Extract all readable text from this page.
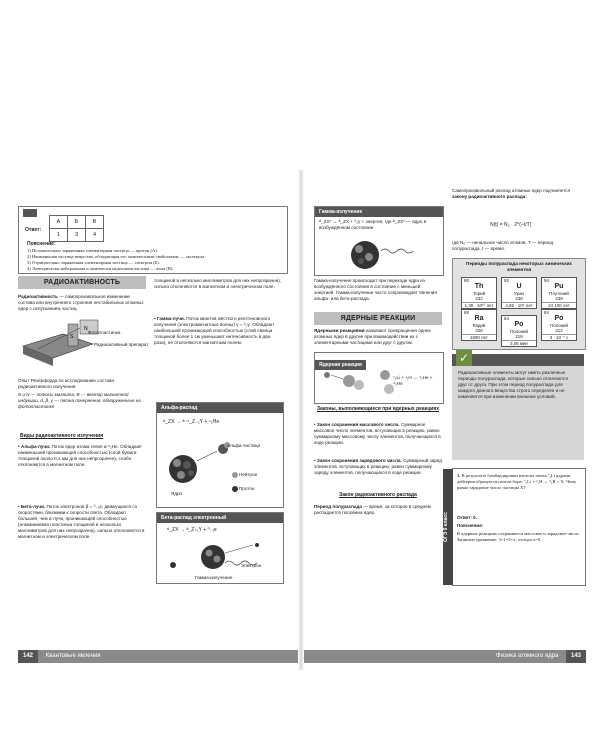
Ответ:
А	Б	В
1	3	4
Пояснение:
1) Положительно заряженная элементарная частица — протон (А).
2) Наименьшая частица вещества, обладающая его химическими свойствами, — молекула.
3) Отрицательно заряженная элементарная частица — электрон (Б).
4) Электрически нейтральная и химически неделимая частица — атом (В).
РАДИОАКТИВНОСТЬ
Радиоактивность — самопроизвольное изменение состава или внутреннего строения нестабильных атомных ядер с испусканием частиц.
N
S
Фотопластинка
Радиоактивный препарат
Опыт Резерфорда по исследованию состава радиоактивного излучения:
S и N — полюсы магнита, B — вектор магнитной индукции, α, β, γ — пятна почернения, обнаруженные на фотопластинке
Виды радиоактивного излучения
• Альфа-лучи. Поток ядер атома гелия α-⁴₂He. Обладают наименьшей проникающей способностью (слой бумаги толщиной около 0,1 мм для них непрозрачен), слабо отклоняются в магнитном поле.
• Бета-лучи. Поток электронов β = ⁰₋₁e, движущихся со скоростями, близкими к скорости света. Обладают большей, чем α-лучи, проникающей способностью (алюминиевая пластинка толщиной в несколько миллиметров для них непрозрачна), сильно отклоняются в магнитном и электрическом поле.
толщиной в несколько миллиметров для них непрозрачна), сильно отклоняются в магнитном и электрическом поле.
• Гамма-лучи. Поток квантов жёсткого рентгеновского излучения (электромагнитные волны) γ = ⁰₀γ. Обладают наибольшей проникающей способностью (слой свинца толщиной более 1 см уменьшает интенсивность в два раза), не отклоняются магнитным полем.
Альфа-распад
ᴬ_ZX → ᴬ⁻⁴_Z₋₂Y + ⁴₂He
Альфа-частица
Ядро
Нейтрон
Протон
Бета-распад электронный
ᴬ_ZX → ᴬ_Z₊₁Y + ⁰₋₁e
Электрон
Гамма-излучение
142 Квантовые явления
Гамма-излучение
ᴬ_ZX* → ᴬ_ZX + ⁰₀γ + энергия, где ᴬ_ZX* — ядро в возбуждённом состоянии
Гамма-излучение происходит при переходе ядра из возбуждённого состояния в состояние с меньшей энергией. Гамма-излучение часто сопровождает явления альфа- или бета-распада.
ЯДЕРНЫЕ РЕАКЦИИ
Ядерными реакциями называют превращения одних атомных ядер в другие при взаимодействии их с элементарными частицами или друг с другом.
Ядерная реакция
⁷₃Li + ¹₁H → ⁴₂He + ⁴₂He
Законы, выполняющиеся при ядерных реакциях
• Закон сохранения массового числа. Суммарное массовое число элементов, вступающих в реакцию, равно суммарному массовому числу элементов, получающихся в ходе реакции.
• Закон сохранения зарядового числа. Суммарный заряд элементов, вступающих в реакцию, равен суммарному заряду элементов, получающихся в ходе реакции.
Закон радиоактивного распада
Период полураспада — время, за которое в среднем распадается половина ядер.
Самопроизвольный распад атомных ядер подчиняется закону радиоактивного распада:
N(t) = N₀ · 2^(−t/T)
где N₀ — начальное число атомов, T — период полураспада, t — время.
Периоды полураспада некоторых химических элементов
90
Th
Торий
232
1,39 · 10¹⁰ лет
92
U
Уран
238
4,55 · 10⁹ лет
94
Pu
Плутоний
239
24 100 лет
88
Ra
Радий
226
1590 лет
84
Po
Полоний
218
3,05 мин
84
Po
Полоний
212
3 · 10⁻⁷ с
✓
Радиоактивные элементы могут иметь различные периоды полураспада, которые сильно отличаются друг от друга. При этом период полураспада для каждого данного вещества строго определён и не изменяется при изменении внешних условий.
ОГЭ 9 класс
1. В результате бомбардировки изотопа лития ⁷₃Li ядрами дейтерия образуется изотоп бора: ⁷₃Li + ²₁H → ⁸₅B + X. Чему равно зарядовое число частицы X?
Ответ: 0.
Пояснение:
В ядерных реакциях сохраняются массовое и зарядовое числа. Запишем уравнение: 3+1=5+x, отсюда x=0.
Физика атомного ядра 143
